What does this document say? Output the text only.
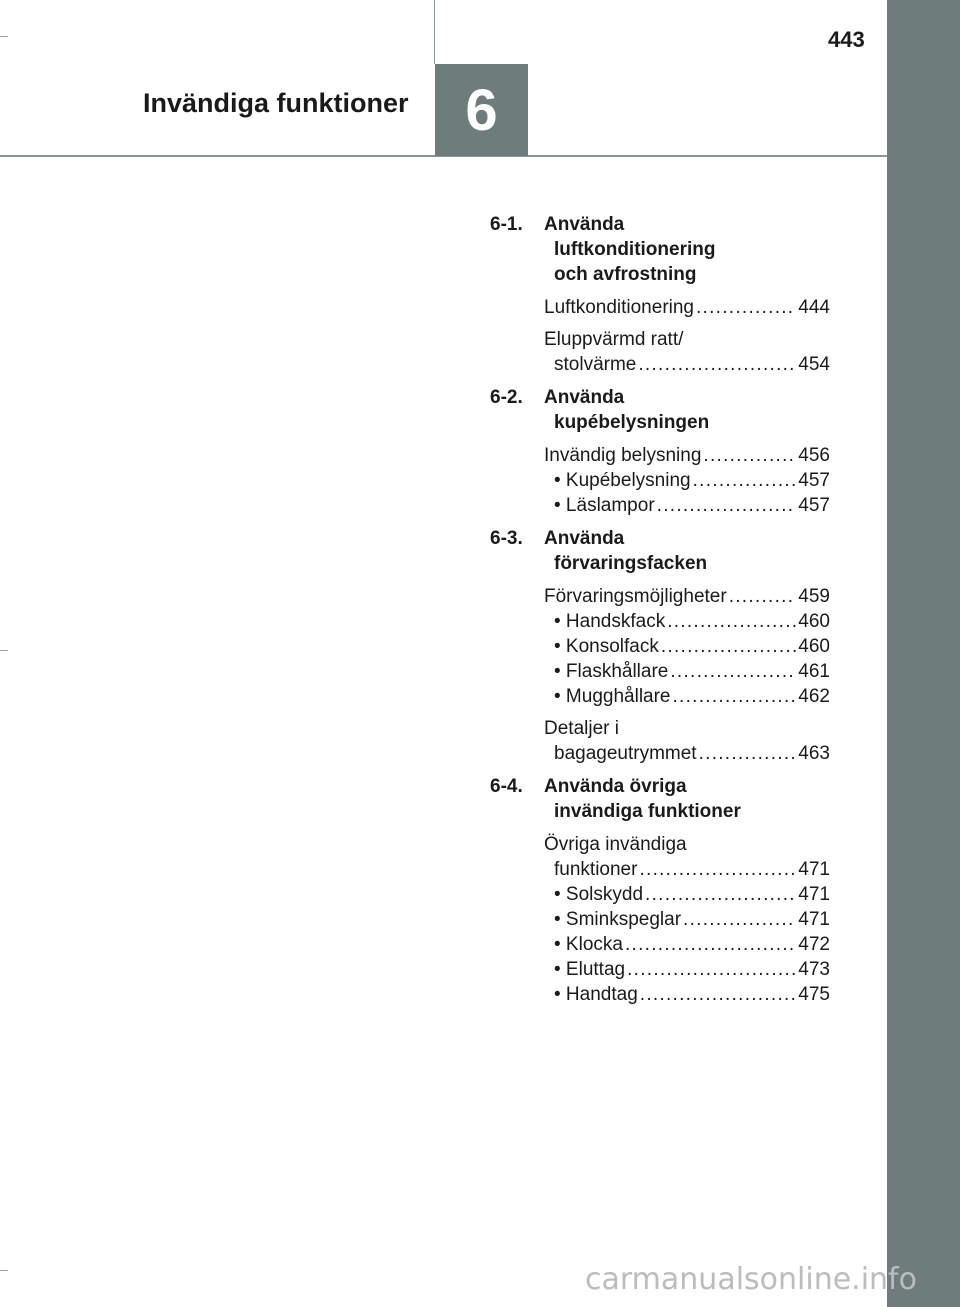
Invändiga funktioner 6
443
6-1.	Använda
luftkonditionering
och avfrostning
Luftkonditionering . . .	444
Eluppvärmd ratt/
stolvärme . . .	454
6-2.	Använda
kupébelysningen
Invändig belysning . . .	456
• Kupébelysning . . .	457
• Läslampor . . .	457
6-3.	Använda
förvaringsfacken
Förvaringsmöjligheter . . .	459
• Handskfack . . .	460
• Konsolfack . . .	460
• Flaskhållare . . .	461
• Mugghållare . . .	462
Detaljer i
bagageutrymmet . . .	463
6-4.	Använda övriga
invändiga funktioner
Övriga invändiga
funktioner . . .	471
• Solskydd . . .	471
• Sminkspeglar . . .	471
• Klocka . . .	472
• Eluttag . . .	473
• Handtag . . .	475
carmanualsonline.info
